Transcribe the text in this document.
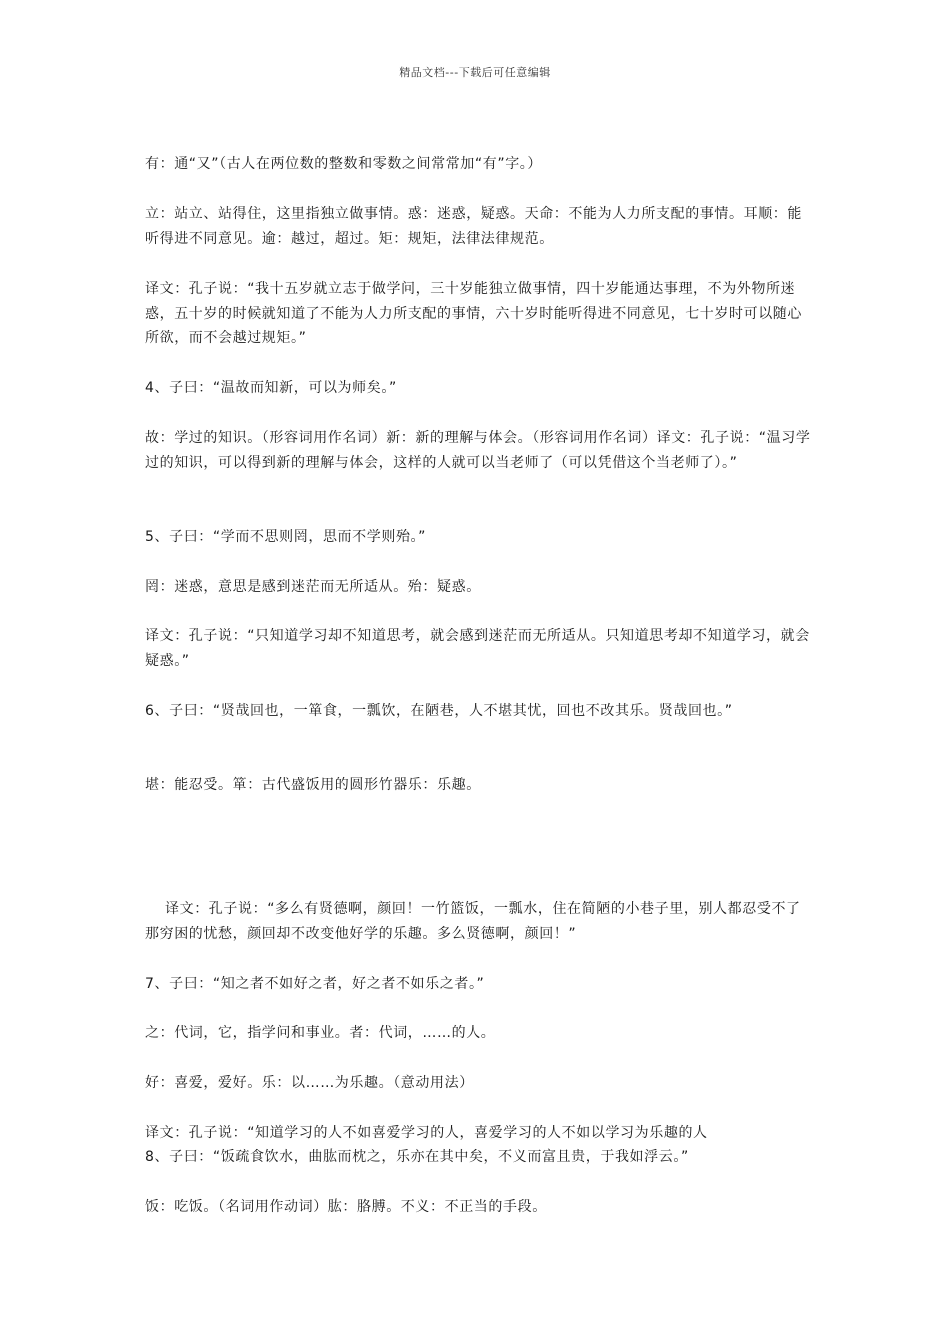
精品文档---下载后可任意编辑

有：通“又”（古人在两位数的整数和零数之间常常加“有”字。）

立：站立、站得住，这里指独立做事情。惑：迷惑，疑惑。天命：不能为人力所支配的事情。耳顺：能听得进不同意见。逾：越过，超过。矩：规矩，法律法律规范。

译文：孔子说：“我十五岁就立志于做学问，三十岁能独立做事情，四十岁能通达事理，不为外物所迷惑，五十岁的时候就知道了不能为人力所支配的事情，六十岁时能听得进不同意见，七十岁时可以随心所欲，而不会越过规矩。”

4、子曰：“温故而知新，可以为师矣。”

故：学过的知识。（形容词用作名词）新：新的理解与体会。（形容词用作名词）译文：孔子说：“温习学过的知识，可以得到新的理解与体会，这样的人就可以当老师了（可以凭借这个当老师了）。”

5、子曰：“学而不思则罔，思而不学则殆。”

罔：迷惑，意思是感到迷茫而无所适从。殆：疑惑。

译文：孔子说：“只知道学习却不知道思考，就会感到迷茫而无所适从。只知道思考却不知道学习，就会疑惑。”

6、子曰：“贤哉回也，一箪食，一瓢饮，在陋巷，人不堪其忧，回也不改其乐。贤哉回也。”

堪：能忍受。箪：古代盛饭用的圆形竹器乐：乐趣。

译文：孔子说：“多么有贤德啊，颜回！一竹篮饭，一瓢水，住在简陋的小巷子里，别人都忍受不了那穷困的忧愁，颜回却不改变他好学的乐趣。多么贤德啊，颜回！”

7、子曰：“知之者不如好之者，好之者不如乐之者。”

之：代词，它，指学问和事业。者：代词，……的人。

好：喜爱，爱好。乐：以……为乐趣。（意动用法）

译文：孔子说：“知道学习的人不如喜爱学习的人，喜爱学习的人不如以学习为乐趣的人

8、子曰：“饭疏食饮水，曲肱而枕之，乐亦在其中矣，不义而富且贵，于我如浮云。”

饭：吃饭。（名词用作动词）肱：胳膊。不义：不正当的手段。
